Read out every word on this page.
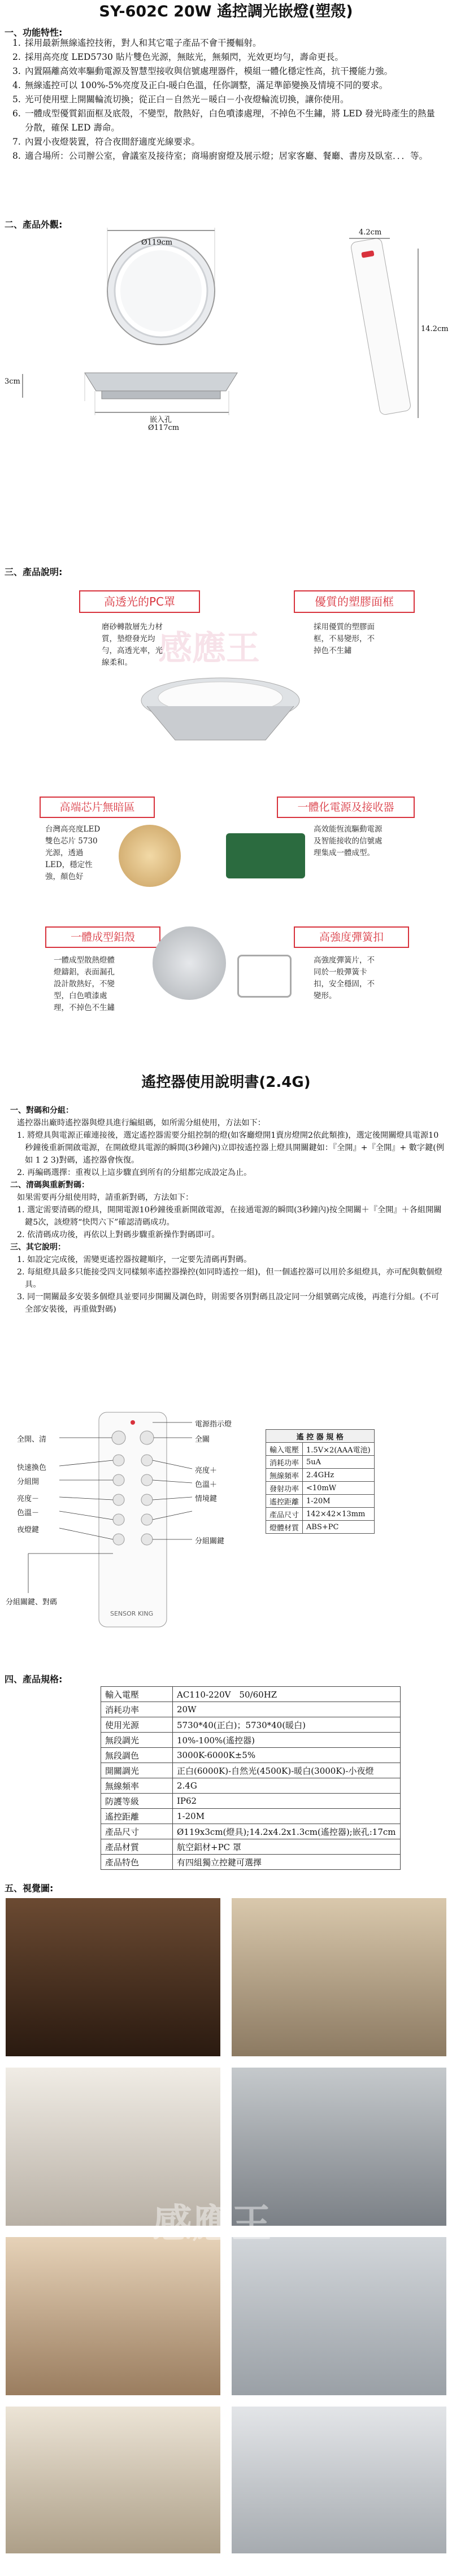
SY-602C 20W 遙控調光嵌燈(塑殼)
一、功能特性:
1. 採用最新無線遙控技術，對人和其它電子產品不會干擾輻射。
2. 採用高亮度 LED5730 貼片雙色光源，無眩光，無頻閃，光效更均勻，壽命更長。
3. 內置隔離高效率驅動電源及智慧型接收與信號處理器件，模組一體化穩定性高，抗干擾能力強。
4. 無線遙控可以 100%-5%亮度及正白-暖白色溫，任你調整，滿足準節變換及情境不同的要求。
5. 光可使用壁上開關輪流切換；從正白－自然光－暖白－小夜燈輪流切換，讓你使用。
6. 一體成型優質鋁面框及底殼，不變型，散熱好，白色噴漆處理，不掉色不生鏽，將 LED 發光時產生的熱量分散，確保 LED 壽命。
7. 內置小夜燈裝置，符合夜間舒適度光線要求。
8. 適合場所：公司辦公室，會議室及接待室；商場廚窗燈及展示燈；居家客廳、餐廳、書房及臥室．．．等。
二、產品外觀:
Ø119cm
3cm
嵌入孔
Ø117cm
4.2cm
14.2cm
三、產品說明:
感應王
高透光的PC罩
磨砂轉散層先力材質，墊燈發光均勻，高透光率，光線柔和。
優質的塑膠面框
採用優質的塑膠面框，不易變形，不掉色不生鏽
高端芯片無暗區
台灣高亮度LED雙色芯片 5730 光源，透過LED，穩定性強，顏色好
一體化電源及接收器
高效能恆流驅動電源及智能接收的信號處理集成一體成型。
一體成型鋁殼
一體成型散熱燈體燈鑄鋁，表面漏孔設計散熱好，不變型，白色噴漆處理，不掉色不生鏽
高強度彈簧扣
高強度彈簧片，不同於一般彈簧卡扣，安全穩固，不變形。
遙控器使用說明書(2.4G)
一、對碼和分組：
遙控器出廠時遙控器與燈具進行編組碼，如所需分組使用，方法如下：
1. 將燈具與電源正確連接後，選定遙控器需要分組控制的燈(如客廳燈開1賣房燈開2依此類推)，選定後開關燈具電源10秒鐘後重新開啟電源，在開啟燈具電源的瞬間(3秒鐘內)立即按遙控器上燈具開關鍵如：『全開』+『全開』+ 數字鍵(例如 1 2 3)對碼，遙控器會恢復。
2. 再編碼選擇：重複以上這步驟直到所有的分組都完成設定為止。
二、清碼與重新對碼：
如果需要再分組使用時，請重新對碼，方法如下：
1. 選定需要清碼的燈具，開開電源10秒鐘後重新開啟電源，在接通電源的瞬間(3秒鐘內)按全開關＋『全開』＋各組開關鍵5次，該燈將“快閃六下”確認清碼成功。
2. 依清碼成功後，再依以上對碼步驟重新操作對碼即可。
三、其它說明：
1. 如設定完成後，需變更遙控器按鍵順序，一定要先清碼再對碼。
2. 每組燈具最多只能接受四支同樣頻率遙控器操控(如同時遙控一組)，但一個遙控器可以用於多組燈具，亦可配與數個燈具。
3. 同一開關最多安裝多個燈具並要同步開關及調色時，則需要各別對碼且設定同一分組號碼完成後，再進行分組。(不可全部安裝後，再重做對碼)
全開、清
快速換色
分組開
亮度－
色溫－
夜燈鍵
分組關鍵、對碼
電源指示燈
全關
亮度＋
色溫＋
情境鍵
分組關鍵
SENSOR KING
遙 控 器 規 格	
輸入電壓	1.5V×2(AAA電池)
消耗功率	5uA
無線頻率	2.4GHz
發射功率	<10mW
遙控距離	1-20M
產品尺寸	142×42×13mm
燈體材質	ABS+PC
四、產品規格:
輸入電壓	AC110-220V　50/60HZ
消耗功率	20W
使用光源	5730*40(正白)；5730*40(暖白)
無段調光	10%-100%(遙控器)
無段調色	3000K-6000K±5%
開關調光	正白(6000K)-自然光(4500K)-暖白(3000K)-小夜燈
無線頻率	2.4G
防護等級	IP62
遙控距離	1-20M
產品尺寸	Ø119x3cm(燈具);14.2x4.2x1.3cm(遙控器);嵌孔:17cm
產品材質	航空鋁材+PC 罩
產品特色	有四組獨立控鍵可選擇
五、視覺圖:
感應王
